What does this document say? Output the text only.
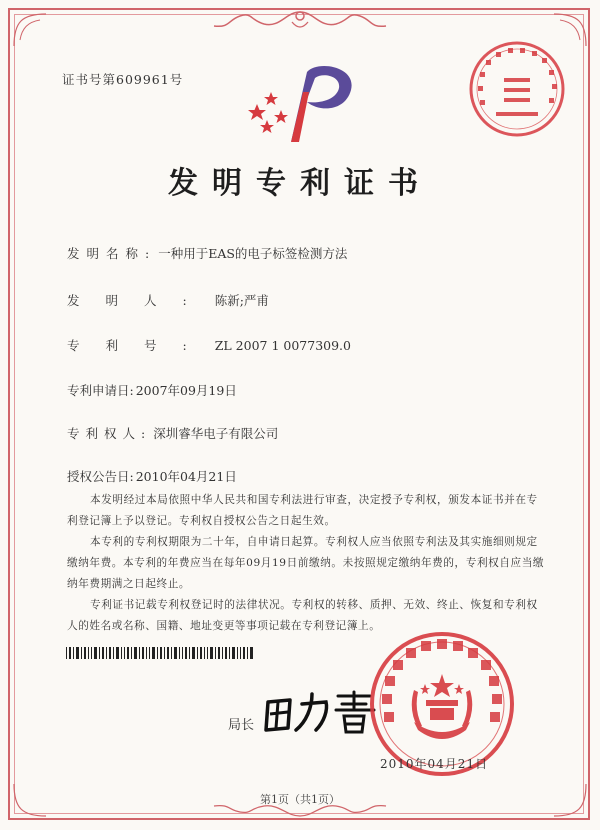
证书号第609961号
发明专利证书
发明名称: 一种用于EAS的电子标签检测方法
发明人: 陈新;严甫
专利号: ZL 2007 1 0077309.0
专利申请日: 2007年09月19日
专利权人: 深圳睿华电子有限公司
授权公告日: 2010年04月21日
本发明经过本局依照中华人民共和国专利法进行审查，决定授予专利权，颁发本证书并在专利登记簿上予以登记。专利权自授权公告之日起生效。
本专利的专利权期限为二十年，自申请日起算。专利权人应当依照专利法及其实施细则规定缴纳年费。本专利的年费应当在每年09月19日前缴纳。未按照规定缴纳年费的，专利权自应当缴纳年费期满之日起终止。
专利证书记载专利权登记时的法律状况。专利权的转移、质押、无效、终止、恢复和专利权人的姓名或名称、国籍、地址变更等事项记载在专利登记簿上。
局长
2010年04月21日
第1页（共1页）
